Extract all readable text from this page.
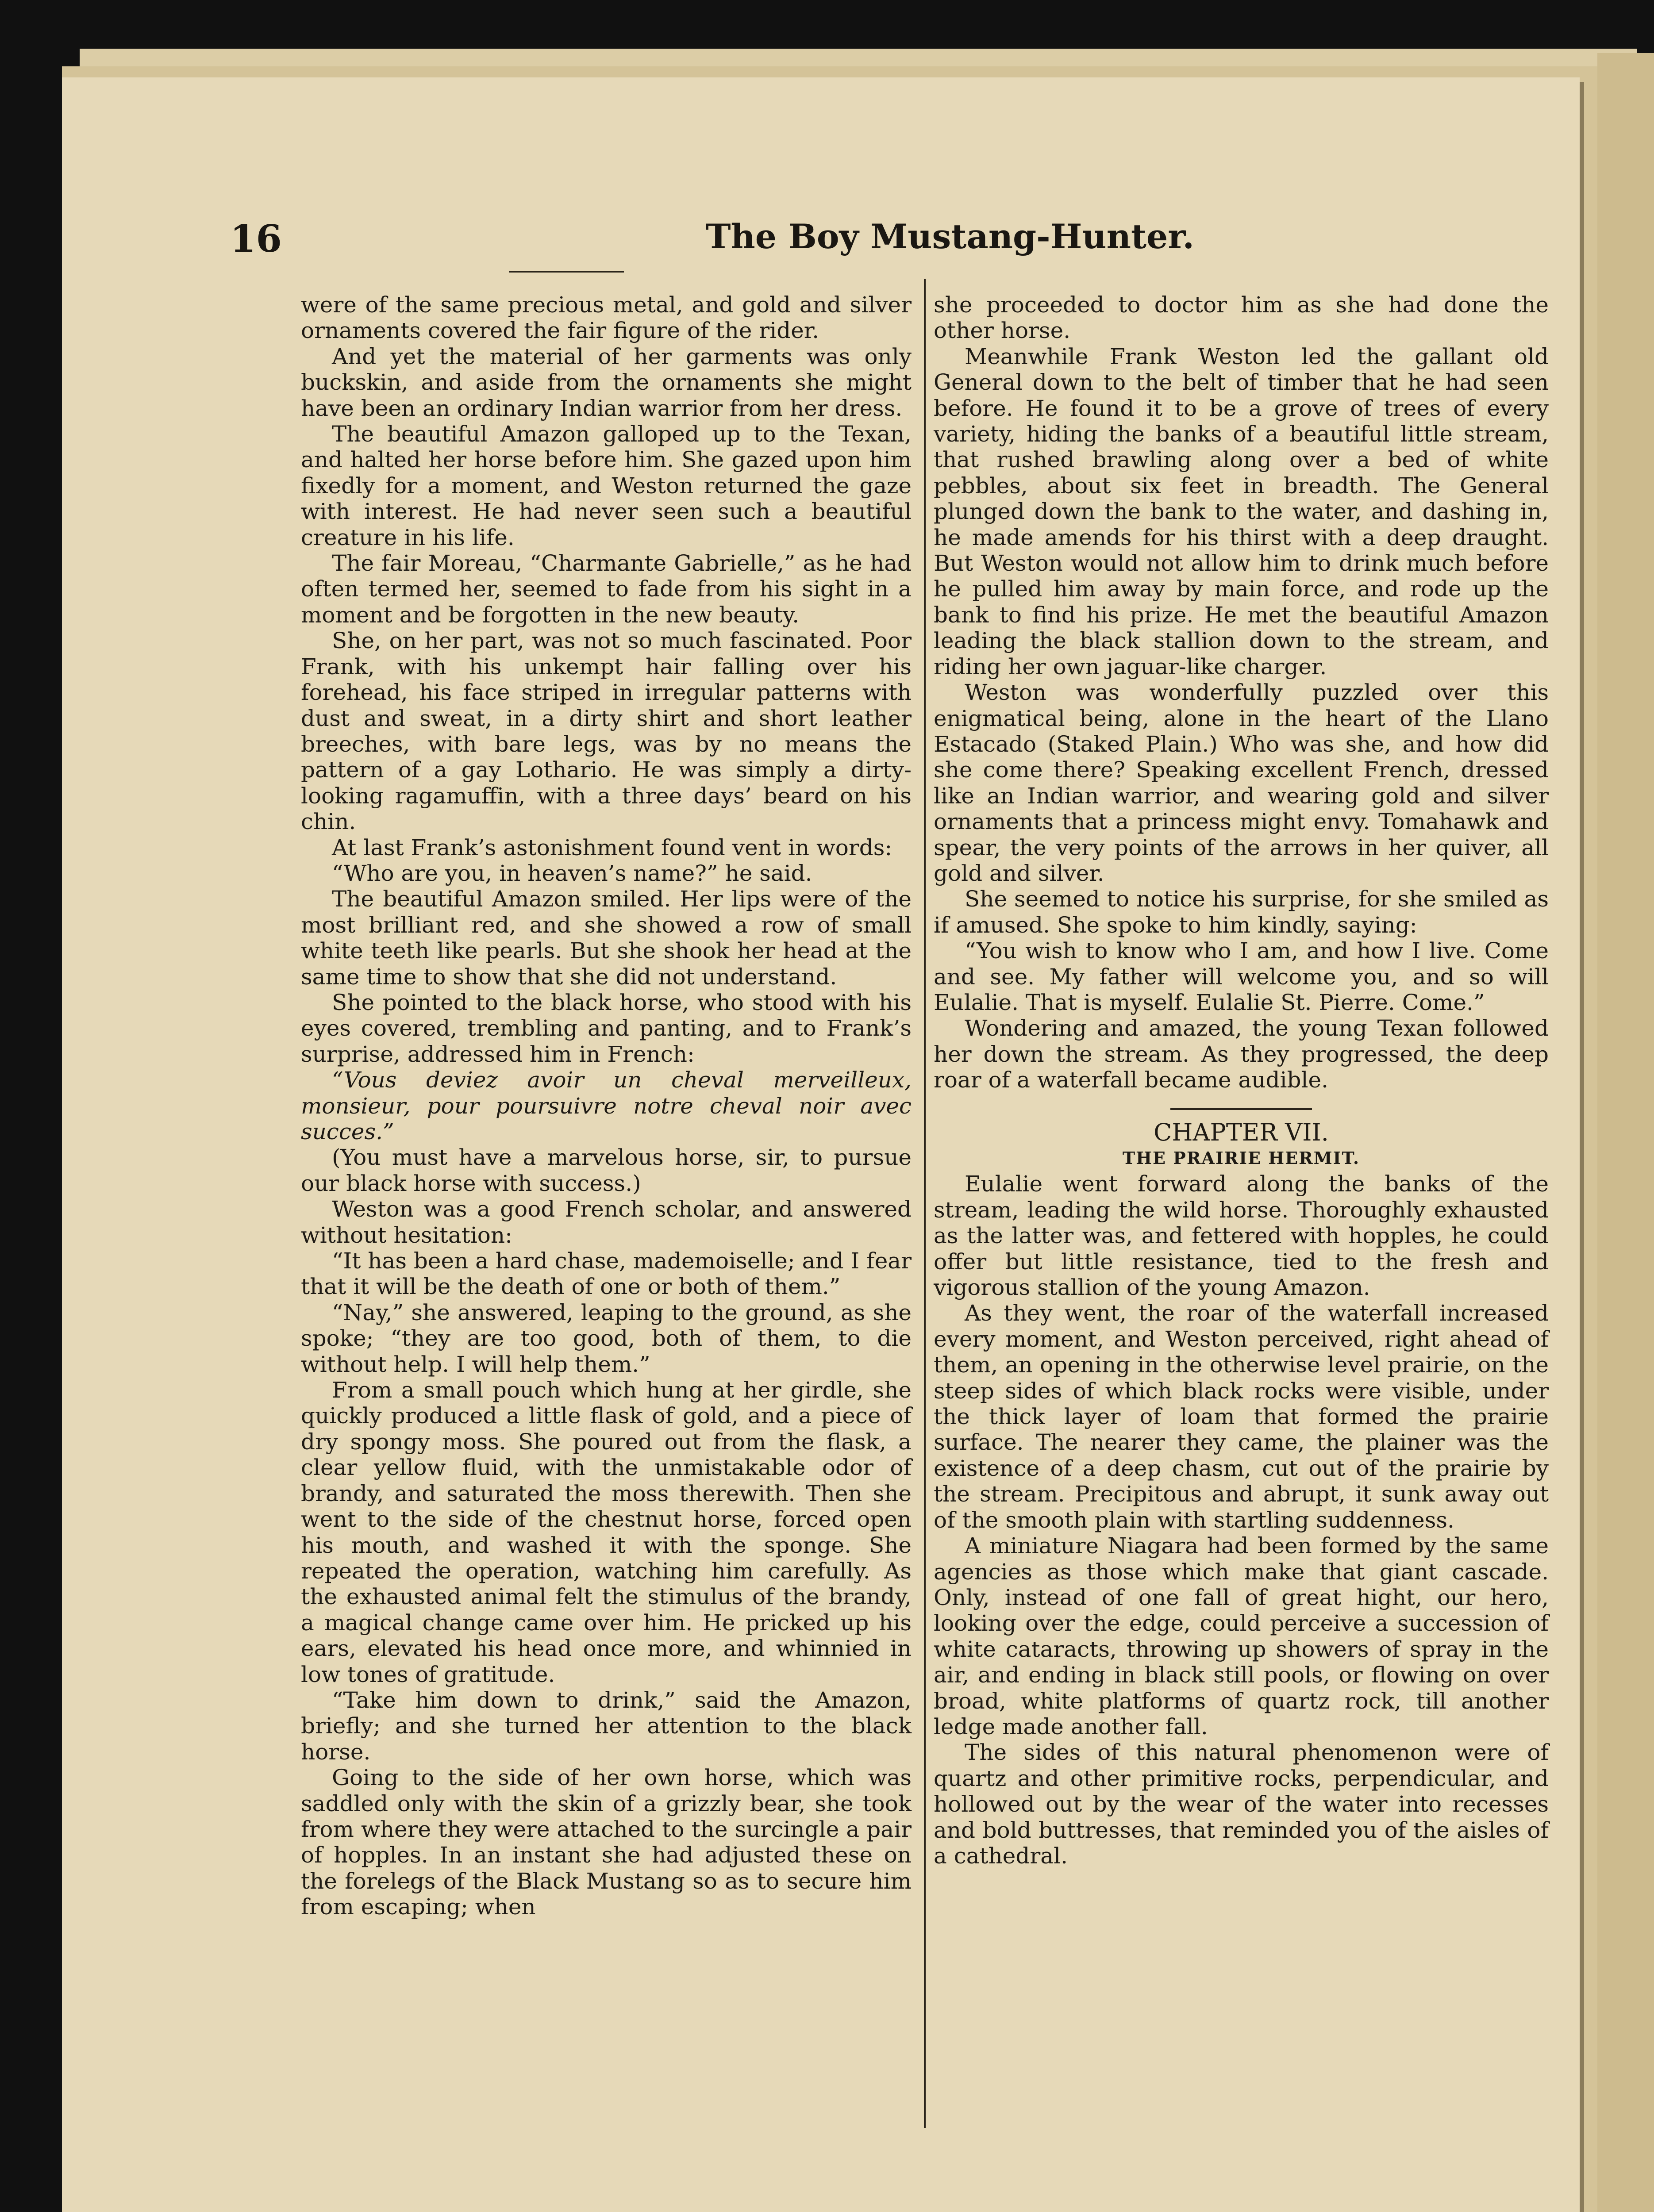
16	The Boy Mustang-Hunter.

were of the same precious metal, and gold and silver ornaments covered the fair figure of the rider.

And yet the material of her garments was only buckskin, and aside from the ornaments she might have been an ordinary Indian warrior from her dress.

The beautiful Amazon galloped up to the Texan, and halted her horse before him. She gazed upon him fixedly for a moment, and Weston returned the gaze with interest. He had never seen such a beautiful creature in his life.

The fair Moreau, “Charmante Gabrielle,” as he had often termed her, seemed to fade from his sight in a moment and be forgotten in the new beauty.

She, on her part, was not so much fascinated. Poor Frank, with his unkempt hair falling over his forehead, his face striped in irregular patterns with dust and sweat, in a dirty shirt and short leather breeches, with bare legs, was by no means the pattern of a gay Lothario. He was simply a dirty-looking ragamuffin, with a three days’ beard on his chin.

At last Frank’s astonishment found vent in words:

“Who are you, in heaven’s name?” he said.

The beautiful Amazon smiled. Her lips were of the most brilliant red, and she showed a row of small white teeth like pearls. But she shook her head at the same time to show that she did not understand.

She pointed to the black horse, who stood with his eyes covered, trembling and panting, and to Frank’s surprise, addressed him in French:

“Vous deviez avoir un cheval merveilleux, monsieur, pour poursuivre notre cheval noir avec succes.”

(You must have a marvelous horse, sir, to pursue our black horse with success.)

Weston was a good French scholar, and answered without hesitation:

“It has been a hard chase, mademoiselle; and I fear that it will be the death of one or both of them.”

“Nay,” she answered, leaping to the ground, as she spoke; “they are too good, both of them, to die without help. I will help them.”

From a small pouch which hung at her girdle, she quickly produced a little flask of gold, and a piece of dry spongy moss. She poured out from the flask, a clear yellow fluid, with the unmistakable odor of brandy, and saturated the moss therewith. Then she went to the side of the chestnut horse, forced open his mouth, and washed it with the sponge. She repeated the operation, watching him carefully. As the exhausted animal felt the stimulus of the brandy, a magical change came over him. He pricked up his ears, elevated his head once more, and whinnied in low tones of gratitude.

“Take him down to drink,” said the Amazon, briefly; and she turned her attention to the black horse.

Going to the side of her own horse, which was saddled only with the skin of a grizzly bear, she took from where they were attached to the surcingle a pair of hopples. In an instant she had adjusted these on the forelegs of the Black Mustang so as to secure him from escaping; when

she proceeded to doctor him as she had done the other horse.

Meanwhile Frank Weston led the gallant old General down to the belt of timber that he had seen before. He found it to be a grove of trees of every variety, hiding the banks of a beautiful little stream, that rushed brawling along over a bed of white pebbles, about six feet in breadth. The General plunged down the bank to the water, and dashing in, he made amends for his thirst with a deep draught. But Weston would not allow him to drink much before he pulled him away by main force, and rode up the bank to find his prize. He met the beautiful Amazon leading the black stallion down to the stream, and riding her own jaguar-like charger.

Weston was wonderfully puzzled over this enigmatical being, alone in the heart of the Llano Estacado (Staked Plain.) Who was she, and how did she come there? Speaking excellent French, dressed like an Indian warrior, and wearing gold and silver ornaments that a princess might envy. Tomahawk and spear, the very points of the arrows in her quiver, all gold and silver.

She seemed to notice his surprise, for she smiled as if amused. She spoke to him kindly, saying:

“You wish to know who I am, and how I live. Come and see. My father will welcome you, and so will Eulalie. That is myself. Eulalie St. Pierre. Come.”

Wondering and amazed, the young Texan followed her down the stream. As they progressed, the deep roar of a waterfall became audible.

CHAPTER VII.

THE PRAIRIE HERMIT.

Eulalie went forward along the banks of the stream, leading the wild horse. Thoroughly exhausted as the latter was, and fettered with hopples, he could offer but little resistance, tied to the fresh and vigorous stallion of the young Amazon.

As they went, the roar of the waterfall increased every moment, and Weston perceived, right ahead of them, an opening in the otherwise level prairie, on the steep sides of which black rocks were visible, under the thick layer of loam that formed the prairie surface. The nearer they came, the plainer was the existence of a deep chasm, cut out of the prairie by the stream. Precipitous and abrupt, it sunk away out of the smooth plain with startling suddenness.

A miniature Niagara had been formed by the same agencies as those which make that giant cascade. Only, instead of one fall of great hight, our hero, looking over the edge, could perceive a succession of white cataracts, throwing up showers of spray in the air, and ending in black still pools, or flowing on over broad, white platforms of quartz rock, till another ledge made another fall.

The sides of this natural phenomenon were of quartz and other primitive rocks, perpendicular, and hollowed out by the wear of the water into recesses and bold buttresses, that reminded you of the aisles of a cathedral.
